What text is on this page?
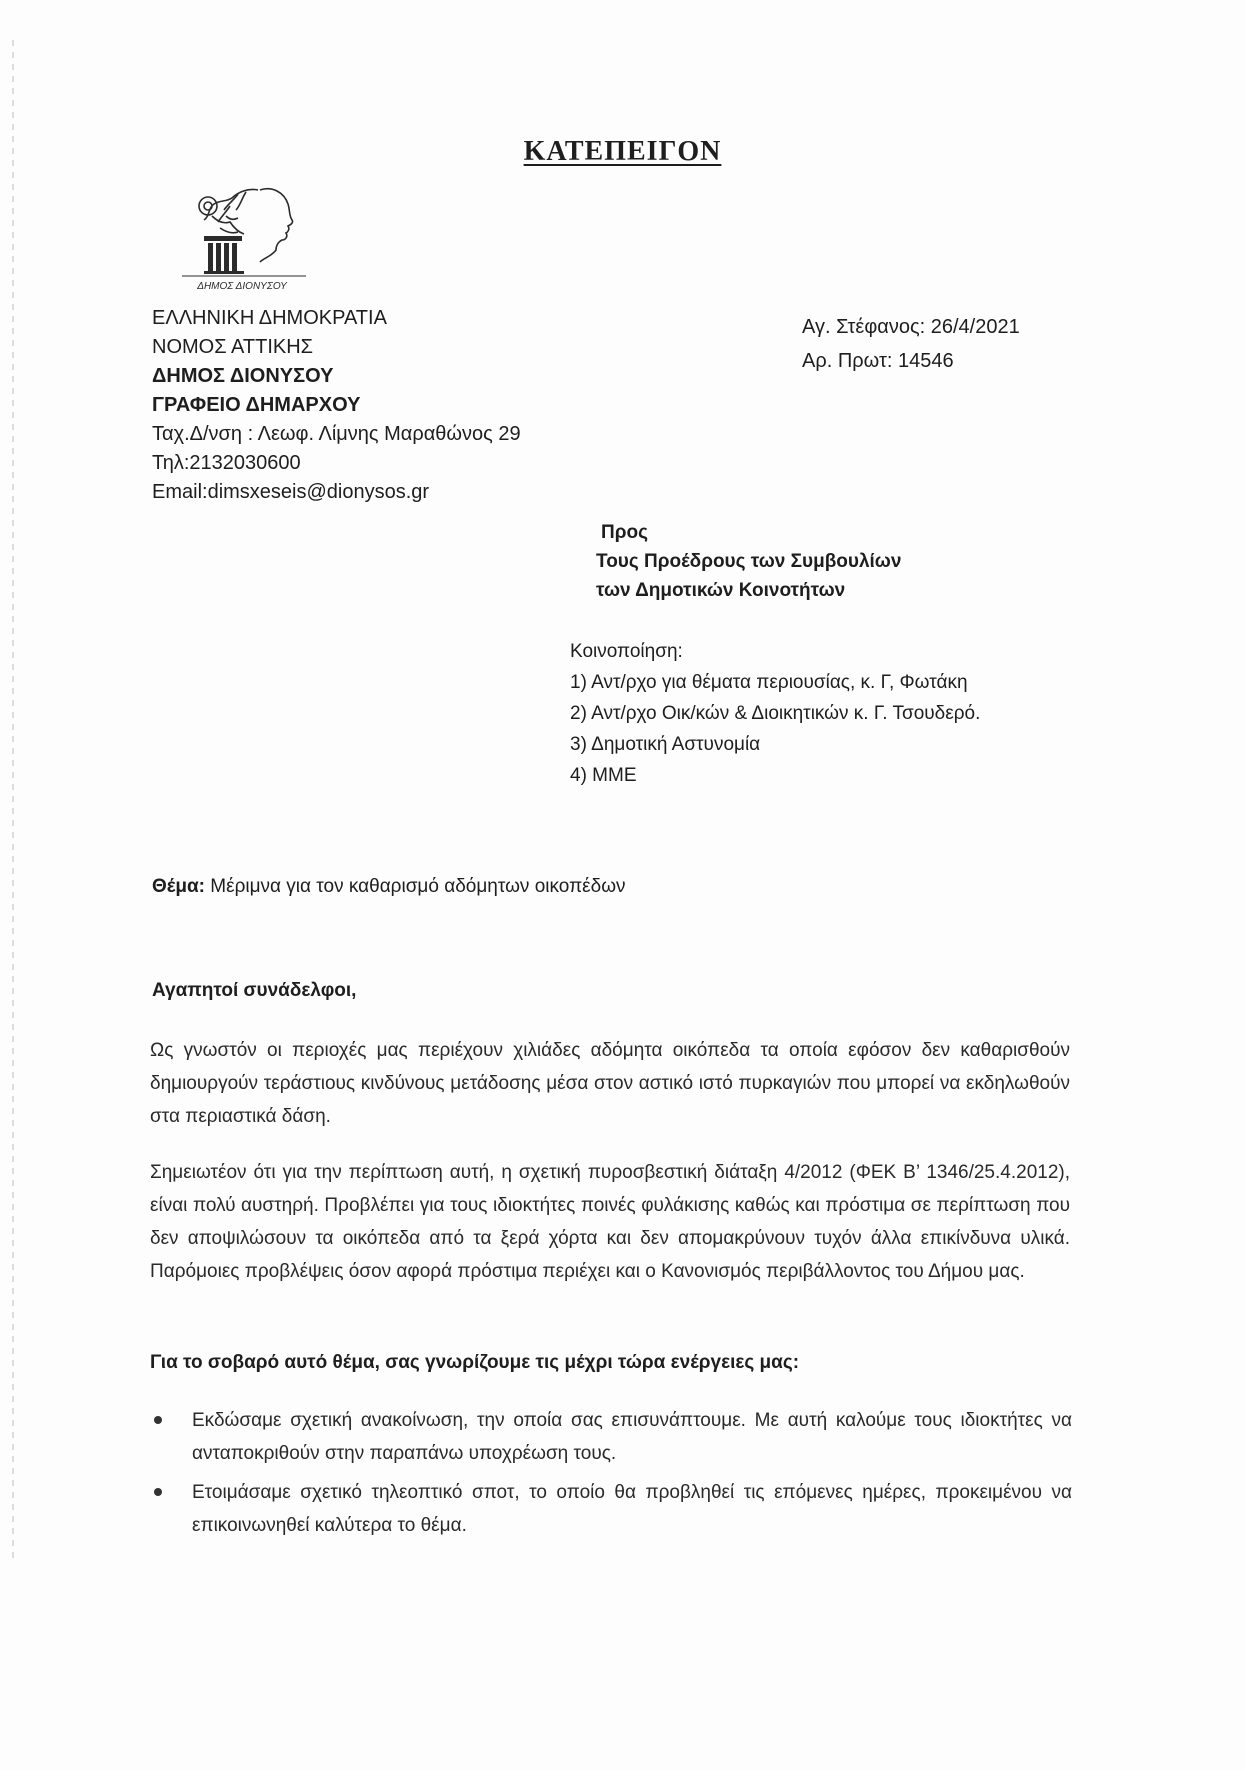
ΚΑΤΕΠΕΙΓΟΝ
ΔΗΜΟΣ ΔΙΟΝΥΣΟΥ
ΕΛΛΗΝΙΚΗ ΔΗΜΟΚΡΑΤΙΑ
ΝΟΜΟΣ ΑΤΤΙΚΗΣ
ΔΗΜΟΣ ΔΙΟΝΥΣΟΥ
ΓΡΑΦΕΙΟ ΔΗΜΑΡΧΟΥ
Ταχ.Δ/νση : Λεωφ. Λίμνης Μαραθώνος 29
Τηλ:2132030600
Email:dimsxeseis@dionysos.gr
Αγ. Στέφανος: 26/4/2021
Αρ. Πρωτ: 14546
Προς
Τους Προέδρους των Συμβουλίων
των Δημοτικών Κοινοτήτων
Κοινοποίηση:
1) Αντ/ρχο για θέματα περιουσίας, κ. Γ, Φωτάκη
2) Αντ/ρχο Οικ/κών & Διοικητικών κ. Γ. Τσουδερό.
3) Δημοτική Αστυνομία
4) ΜΜΕ
Θέμα: Μέριμνα για τον καθαρισμό αδόμητων οικοπέδων
Αγαπητοί συνάδελφοι,
Ως γνωστόν οι περιοχές μας περιέχουν χιλιάδες αδόμητα οικόπεδα τα οποία εφόσον δεν καθαρισθούν δημιουργούν τεράστιους κινδύνους μετάδοσης μέσα στον αστικό ιστό πυρκαγιών που μπορεί να εκδηλωθούν στα περιαστικά δάση.
Σημειωτέον ότι για την περίπτωση αυτή, η σχετική πυροσβεστική διάταξη 4/2012 (ΦΕΚ Β’ 1346/25.4.2012), είναι πολύ αυστηρή. Προβλέπει για τους ιδιοκτήτες ποινές φυλάκισης καθώς και πρόστιμα σε περίπτωση που δεν αποψιλώσουν τα οικόπεδα από τα ξερά χόρτα και δεν απομακρύνουν τυχόν άλλα επικίνδυνα υλικά. Παρόμοιες προβλέψεις όσον αφορά πρόστιμα περιέχει και ο Κανονισμός περιβάλλοντος του Δήμου μας.
Για το σοβαρό αυτό θέμα, σας γνωρίζουμε τις μέχρι τώρα ενέργειες μας:
Εκδώσαμε σχετική ανακοίνωση, την οποία σας επισυνάπτουμε. Με αυτή καλούμε τους ιδιοκτήτες να ανταποκριθούν στην παραπάνω υποχρέωση τους.
Ετοιμάσαμε σχετικό τηλεοπτικό σποτ, το οποίο θα προβληθεί τις επόμενες ημέρες, προκειμένου να επικοινωνηθεί καλύτερα το θέμα.
